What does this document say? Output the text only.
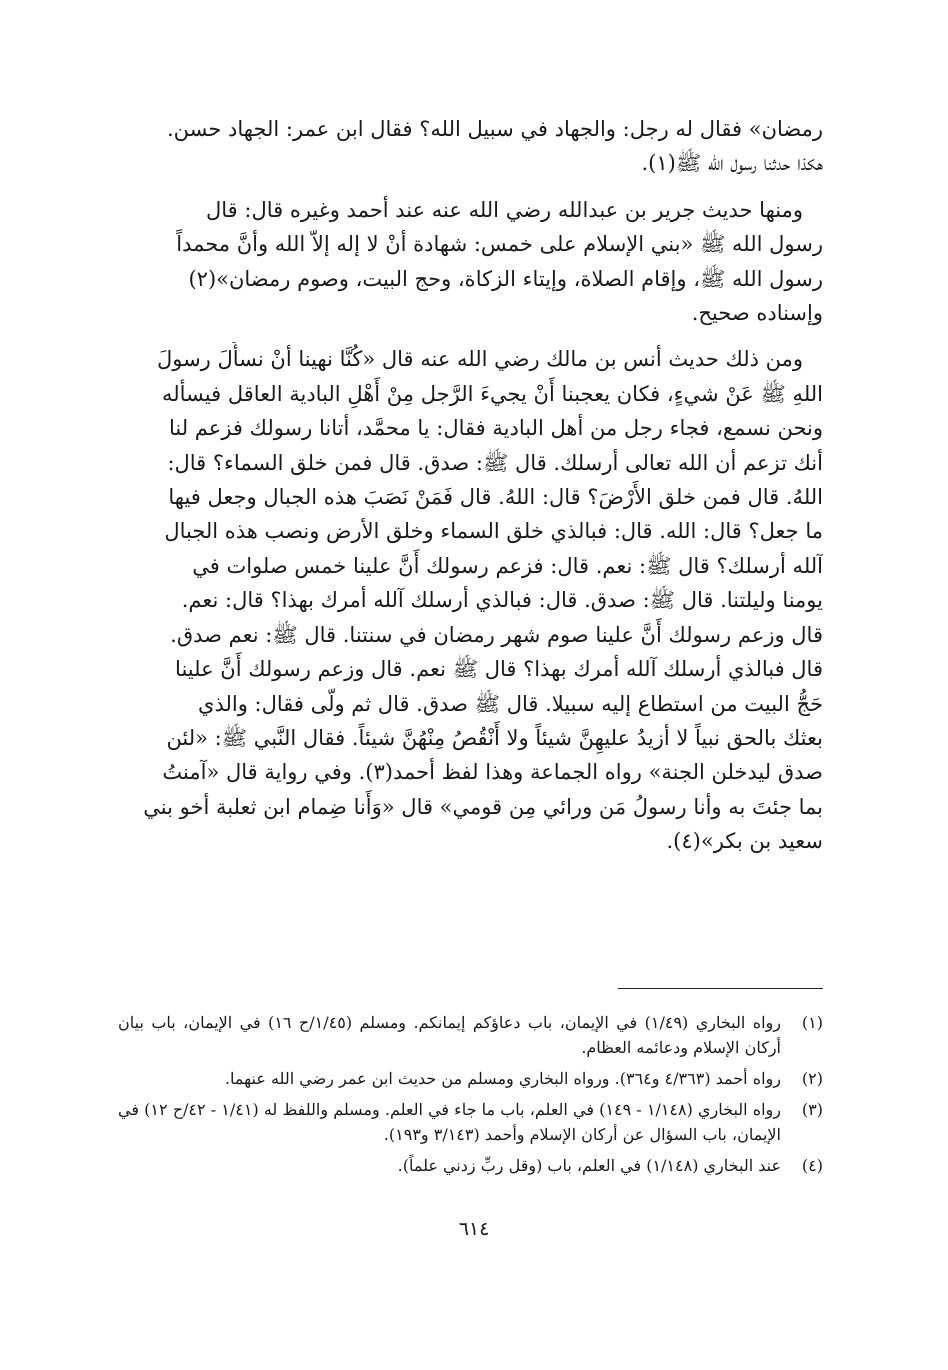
رمضان» فقال له رجل: والجهاد في سبيل الله؟ فقال ابن عمر: الجهاد حسن.
هكذا حدثنا رسول الله ﷺ(١).

ومنها حديث جرير بن عبدالله رضي الله عنه عند أحمد وغيره قال: قال
رسول الله ﷺ «بني الإسلام على خمس: شهادة أنْ لا إله إلاّ الله وأنَّ محمداً
رسول الله ﷺ، وإقام الصلاة، وإيتاء الزكاة، وحج البيت، وصوم رمضان»(٢)
وإسناده صحيح.

ومن ذلك حديث أنس بن مالك رضي الله عنه قال «كُنَّا نهينا أنْ نسأَلَ رسولَ
اللهِ ﷺ عَنْ شيءٍ، فكان يعجبنا أَنْ يجيءَ الرَّجل مِنْ أَهْلِ البادية العاقل فيسأله
ونحن نسمع، فجاء رجل من أهل البادية فقال: يا محمَّد، أتانا رسولك فزعم لنا
أنك تزعم أن الله تعالى أرسلك. قال ﷺ: صدق. قال فمن خلق السماء؟ قال:
اللهُ. قال فمن خلق الأَرْضَ؟ قال: اللهُ. قال فَمَنْ نَصَبَ هذه الجبال وجعل فيها
ما جعل؟ قال: الله. قال: فبالذي خلق السماء وخلق الأرض ونصب هذه الجبال
آلله أرسلك؟ قال ﷺ: نعم. قال: فزعم رسولك أَنَّ علينا خمس صلوات في
يومنا وليلتنا. قال ﷺ: صدق. قال: فبالذي أرسلك آلله أمرك بهذا؟ قال: نعم.
قال وزعم رسولك أَنَّ علينا صوم شهر رمضان في سنتنا. قال ﷺ: نعم صدق.
قال فبالذي أرسلك آلله أمرك بهذا؟ قال ﷺ نعم. قال وزعم رسولك أَنَّ علينا
حَجُّ البيت من استطاع إليه سبيلا. قال ﷺ صدق. قال ثم ولّى فقال: والذي
بعثك بالحق نبياً لا أزيدُ عليهِنَّ شيئاً ولا أَنْقُصُ مِنْهُنَّ شيئاً. فقال النَّبي ﷺ: «لئن
صدق ليدخلن الجنة» رواه الجماعة وهذا لفظ أحمد(٣). وفي رواية قال «آمنتُ
بما جئتَ به وأنا رسولُ مَن ورائي مِن قومي» قال «وَأَنا ضِمام ابن ثعلبة أخو بني
سعيد بن بكر»(٤).

(١)
رواه البخاري (١/٤٩) في الإيمان، باب دعاؤكم إيمانكم. ومسلم (١/٤٥/ح ١٦) في الإيمان، باب بيان أركان الإسلام ودعائمه العظام.
(٢)
رواه أحمد (٤/٣٦٣ و٣٦٤). ورواه البخاري ومسلم من حديث ابن عمر رضي الله عنهما.
(٣)
رواه البخاري (١/١٤٨ - ١٤٩) في العلم، باب ما جاء في العلم. ومسلم واللفظ له (١/٤١ - ٤٢/ح ١٢) في الإيمان، باب السؤال عن أركان الإسلام وأحمد (٣/١٤٣ و١٩٣).
(٤)
عند البخاري (١/١٤٨) في العلم، باب (وقل ربِّ زدني علماً).
٦١٤
